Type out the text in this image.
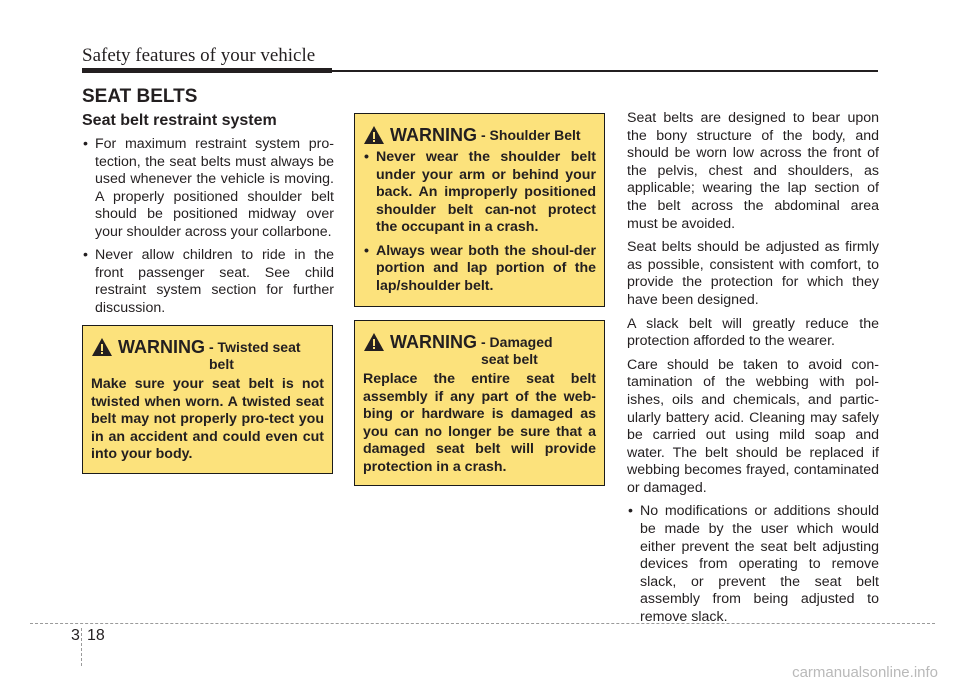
Safety features of your vehicle
SEAT BELTS
Seat belt restraint system
• For maximum restraint system pro-tection, the seat belts must always be used whenever the vehicle is moving. A properly positioned shoulder belt should be positioned midway over your shoulder across your collarbone.
• Never allow children to ride in the front passenger seat. See child restraint system section for further discussion.
WARNING - Twisted seat belt

Make sure your seat belt is not twisted when worn. A twisted seat belt may not properly pro-tect you in an accident and could even cut into your body.

WARNING - Shoulder Belt
• Never wear the shoulder belt under your arm or behind your back. An improperly positioned shoulder belt can-not protect the occupant in a crash.
• Always wear both the shoul-der portion and lap portion of the lap/shoulder belt.
WARNING - Damaged seat belt

Replace the entire seat belt assembly if any part of the web-bing or hardware is damaged as you can no longer be sure that a damaged seat belt will provide protection in a crash.

Seat belts are designed to bear upon the bony structure of the body, and should be worn low across the front of the pelvis, chest and shoulders, as applicable; wearing the lap section of the belt across the abdominal area must be avoided.

Seat belts should be adjusted as firmly as possible, consistent with comfort, to provide the protection for which they have been designed.

A slack belt will greatly reduce the protection afforded to the wearer.

Care should be taken to avoid con-tamination of the webbing with pol-ishes, oils and chemicals, and partic-ularly battery acid. Cleaning may safely be carried out using mild soap and water. The belt should be replaced if webbing becomes frayed, contaminated or damaged.

• No modifications or additions should be made by the user which would either prevent the seat belt adjusting devices from operating to remove slack, or prevent the seat belt assembly from being adjusted to remove slack.
3 18
carmanualsonline.info
